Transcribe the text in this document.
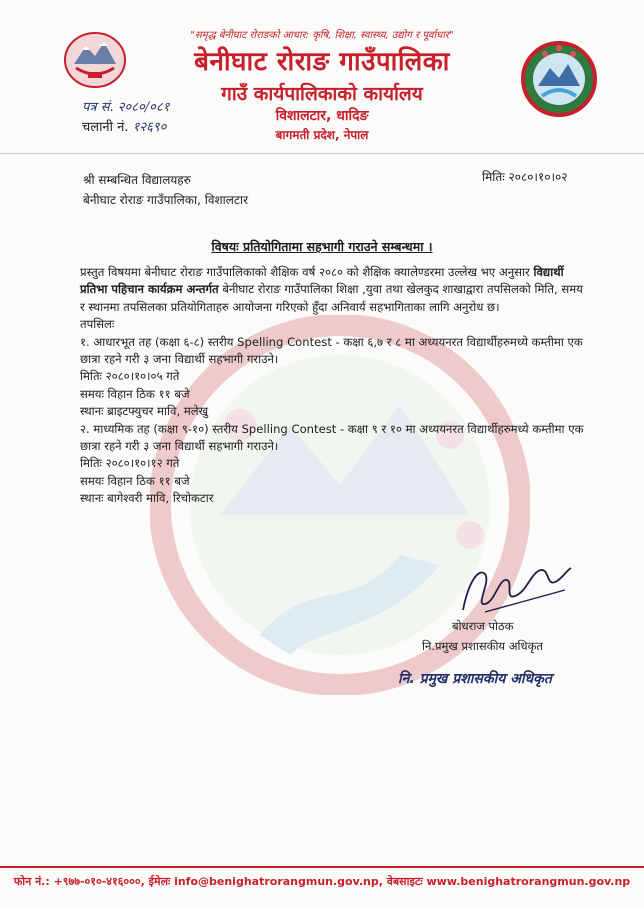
"समृद्ध बेनीघाट रोराङको आधार: कृषि, शिक्षा, स्वास्थ्य, उद्योग र पूर्वाधार"
बेनीघाट रोराङ गाउँपालिका
गाउँ कार्यपालिकाको कार्यालय
विशालटार, धादिङ
बागमती प्रदेश, नेपाल
पत्र सं. २०८०/०८१
चलानी नं. १२६९०
मितिः २०८०।१०।०२
श्री सम्बन्धित विद्यालयहरु
बेनीघाट रोराङ गाउँपालिका, विशालटार
विषयः प्रतियोगितामा सहभागी गराउने सम्बन्धमा ।

प्रस्तुत विषयमा बेनीघाट रोराङ गाउँपालिकाको शैक्षिक वर्ष २०८० को शैक्षिक क्यालेण्डरमा उल्लेख भए अनुसार विद्यार्थी प्रतिभा पहिचान कार्यक्रम अन्तर्गत बेनीघाट रोराङ गाउँपालिका शिक्षा ,युवा तथा खेलकुद शाखाद्वारा तपसिलको मिति, समय र स्थानमा तपसिलका प्रतियोगिताहरु आयोजना गरिएको हुँदा अनिवार्य सहभागिताका लागि अनुरोध छ।

तपसिलः

१. आधारभूत तह (कक्षा ६-८) स्तरीय Spelling Contest - कक्षा ६,७ र ८ मा अध्ययनरत विद्यार्थीहरुमध्ये कम्तीमा एक छात्रा रहने गरी ३ जना विद्यार्थी सहभागी गराउने।

मितिः २०८०।१०।०५ गते

समयः विहान ठिक ११ बजे

स्थानः ब्राइटफ्युचर मावि, मलेखु

२. माध्यमिक तह (कक्षा ९-१०) स्तरीय Spelling Contest - कक्षा ९ र १० मा अध्ययनरत विद्यार्थीहरुमध्ये कम्तीमा एक छात्रा रहने गरी ३ जना विद्यार्थी सहभागी गराउने।

मितिः २०८०।१०।१२ गते

समयः विहान ठिक ११ बजे

स्थानः बागेश्वरी मावि, रिचोकटार

बोधराज पोठक
नि.प्रमुख प्रशासकीय अधिकृत
नि. प्रमुख प्रशासकीय अधिकृत
फोन नं.: +९७७-०१०-४१६०००, ईमेलः info@benighatrorangmun.gov.np, वेबसाइटः www.benighatrorangmun.gov.np
